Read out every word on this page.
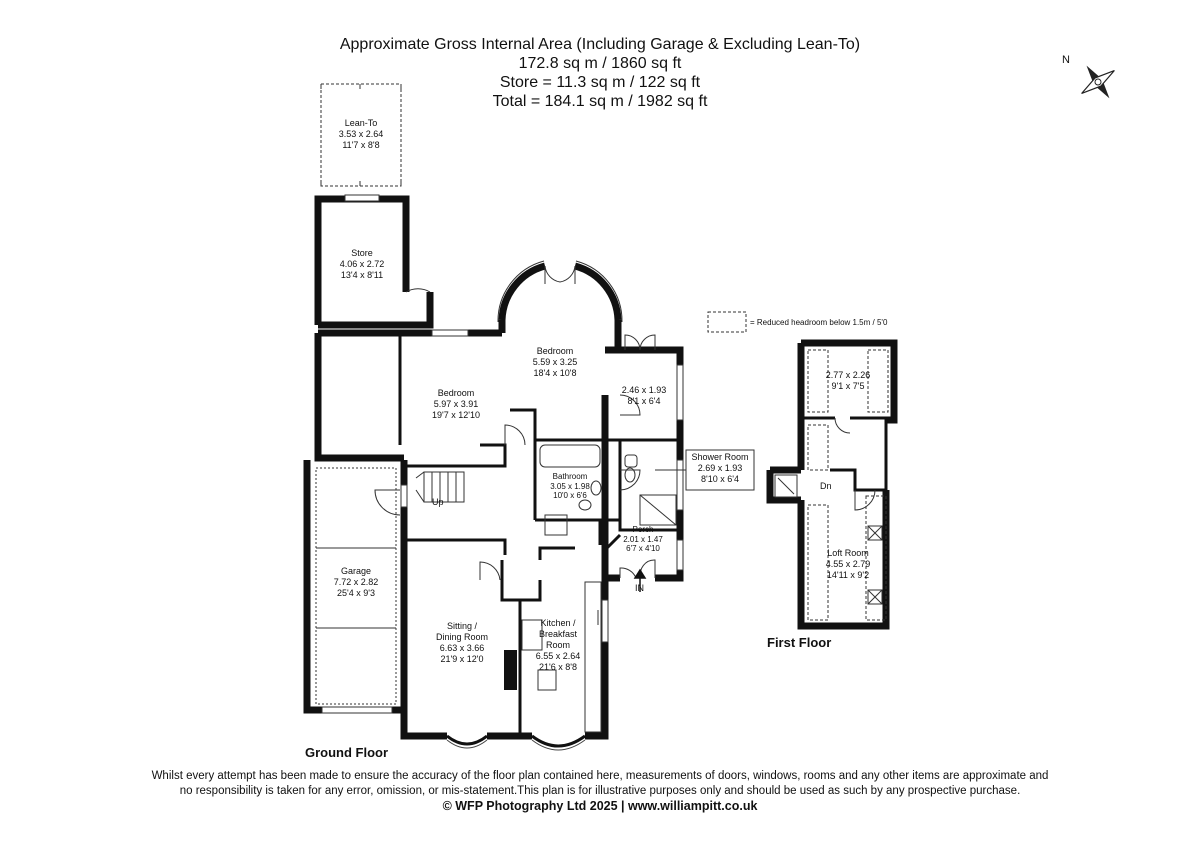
Approximate Gross Internal Area (Including Garage & Excluding Lean-To)
172.8 sq m / 1860 sq ft
Store = 11.3 sq m / 122 sq ft
Total = 184.1 sq m / 1982 sq ft
N
= Reduced headroom below 1.5m / 5'0
Lean-To
3.53 x 2.64
11'7 x 8'8
Store
4.06 x 2.72
13'4 x 8'11
Bedroom
5.97 x 3.91
19'7 x 12'10
Bedroom
5.59 x 3.25
18'4 x 10'8
2.46 x 1.93
8'1 x 6'4
Shower Room
2.69 x 1.93
8'10 x 6'4
Bathroom
3.05 x 1.98
10'0 x 6'6
Porch
2.01 x 1.47
6'7 x 4'10
Garage
7.72 x 2.82
25'4 x 9'3
Sitting /
Dining Room
6.63 x 3.66
21'9 x 12'0
Kitchen /
Breakfast
Room
6.55 x 2.64
21'6 x 8'8
2.77 x 2.26
9'1 x 7'5
Loft Room
4.55 x 2.79
14'11 x 9'2
Up
Dn
IN
Ground Floor
First Floor
Whilst every attempt has been made to ensure the accuracy of the floor plan contained here, measurements of doors, windows, rooms and any other items are approximate and
no responsibility is taken for any error, omission, or mis-statement.This plan is for illustrative purposes only and should be used as such by any prospective purchase.
© WFP Photography Ltd 2025 | www.williampitt.co.uk
